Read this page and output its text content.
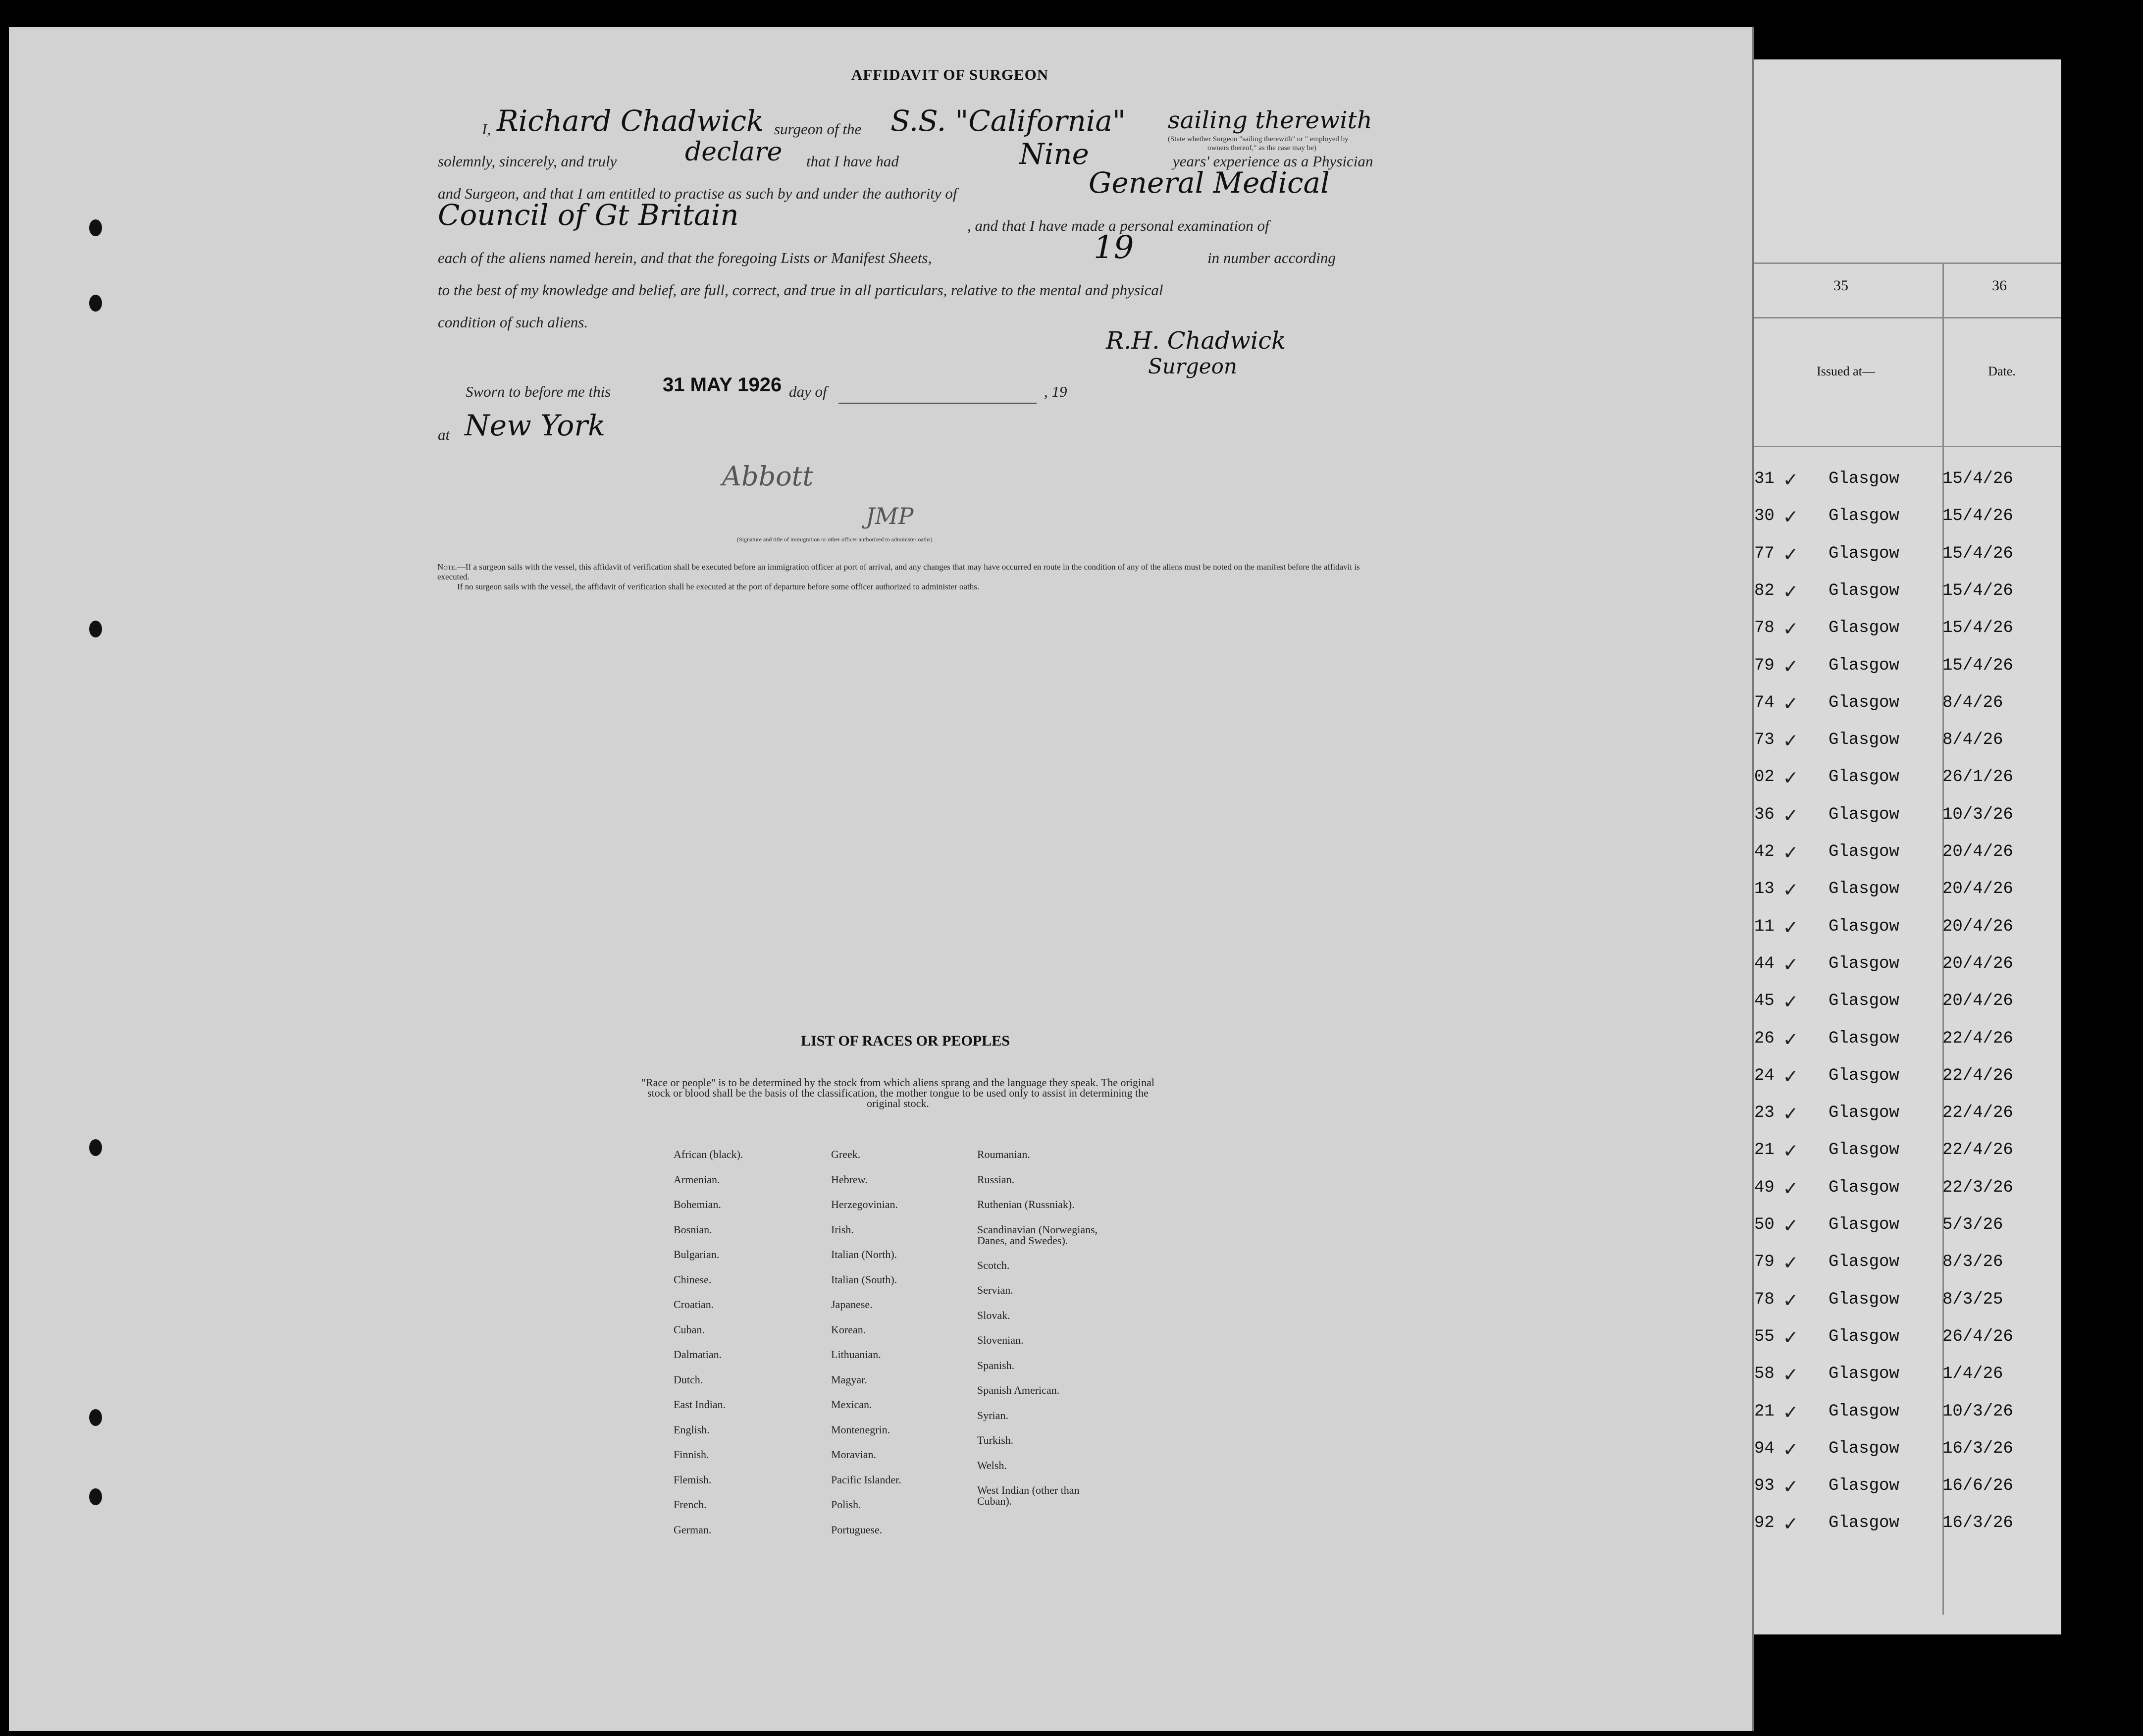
35	36
Issued at—	Date.
31 ✓ Glasgow	15/4/26
30 ✓ Glasgow	15/4/26
77 ✓ Glasgow	15/4/26
82 ✓ Glasgow	15/4/26
78 ✓ Glasgow	15/4/26
79 ✓ Glasgow	15/4/26
74 ✓ Glasgow	8/4/26
73 ✓ Glasgow	8/4/26
02 ✓ Glasgow	26/1/26
36 ✓ Glasgow	10/3/26
42 ✓ Glasgow	20/4/26
13 ✓ Glasgow	20/4/26
11 ✓ Glasgow	20/4/26
44 ✓ Glasgow	20/4/26
45 ✓ Glasgow	20/4/26
26 ✓ Glasgow	22/4/26
24 ✓ Glasgow	22/4/26
23 ✓ Glasgow	22/4/26
21 ✓ Glasgow	22/4/26
49 ✓ Glasgow	22/3/26
50 ✓ Glasgow	5/3/26
79 ✓ Glasgow	8/3/26
78 ✓ Glasgow	8/3/25
55 ✓ Glasgow	26/4/26
58 ✓ Glasgow	1/4/26
21 ✓ Glasgow	10/3/26
94 ✓ Glasgow	16/3/26
93 ✓ Glasgow	16/6/26
92 ✓ Glasgow	16/3/26
AFFIDAVIT OF SURGEON
I, Richard Chadwick surgeon of the S.S. "California" sailing therewith
(State whether Surgeon "sailing therewith" or " employed by
owners thereof," as the case may be)
solemnly, sincerely, and truly	declare that I have had	Nine	years' experience as a Physician
and Surgeon, and that I am entitled to practise as such by and under the authority of	General Medical
Council of Gt Britain	, and that I have made a personal examination of
each of the aliens named herein, and that the foregoing Lists or Manifest Sheets,	19	in number according
to the best of my knowledge and belief, are full, correct, and true in all particulars, relative to the mental and physical
condition of such aliens.
R.H. Chadwick
Surgeon
Sworn to before me this	31 MAY 1926 day of	, 19
at New York
Abbott
JMP
(Signature and title of immigration or other officer authorized to administer oaths)
Note.—If a surgeon sails with the vessel, this affidavit of verification shall be executed before an immigration officer at port of arrival, and any changes that may have occurred en route in the condition of any of the aliens must be noted on the manifest before the affidavit is executed.
If no surgeon sails with the vessel, the affidavit of verification shall be executed at the port of departure before some officer authorized to administer oaths.
LIST OF RACES OR PEOPLES
"Race or people" is to be determined by the stock from which aliens sprang and the language they speak. The original stock or blood shall be the basis of the classification, the mother tongue to be used only to assist in determining the original stock.
African (black).
Armenian.
Bohemian.
Bosnian.
Bulgarian.
Chinese.
Croatian.
Cuban.
Dalmatian.
Dutch.
East Indian.
English.
Finnish.
Flemish.
French.
German.
Greek.
Hebrew.
Herzegovinian.
Irish.
Italian (North).
Italian (South).
Japanese.
Korean.
Lithuanian.
Magyar.
Mexican.
Montenegrin.
Moravian.
Pacific Islander.
Polish.
Portuguese.
Roumanian.
Russian.
Ruthenian (Russniak).
Scandinavian (Norwegians,
Danes, and Swedes).
Scotch.
Servian.
Slovak.
Slovenian.
Spanish.
Spanish American.
Syrian.
Turkish.
Welsh.
West Indian (other than
Cuban).
